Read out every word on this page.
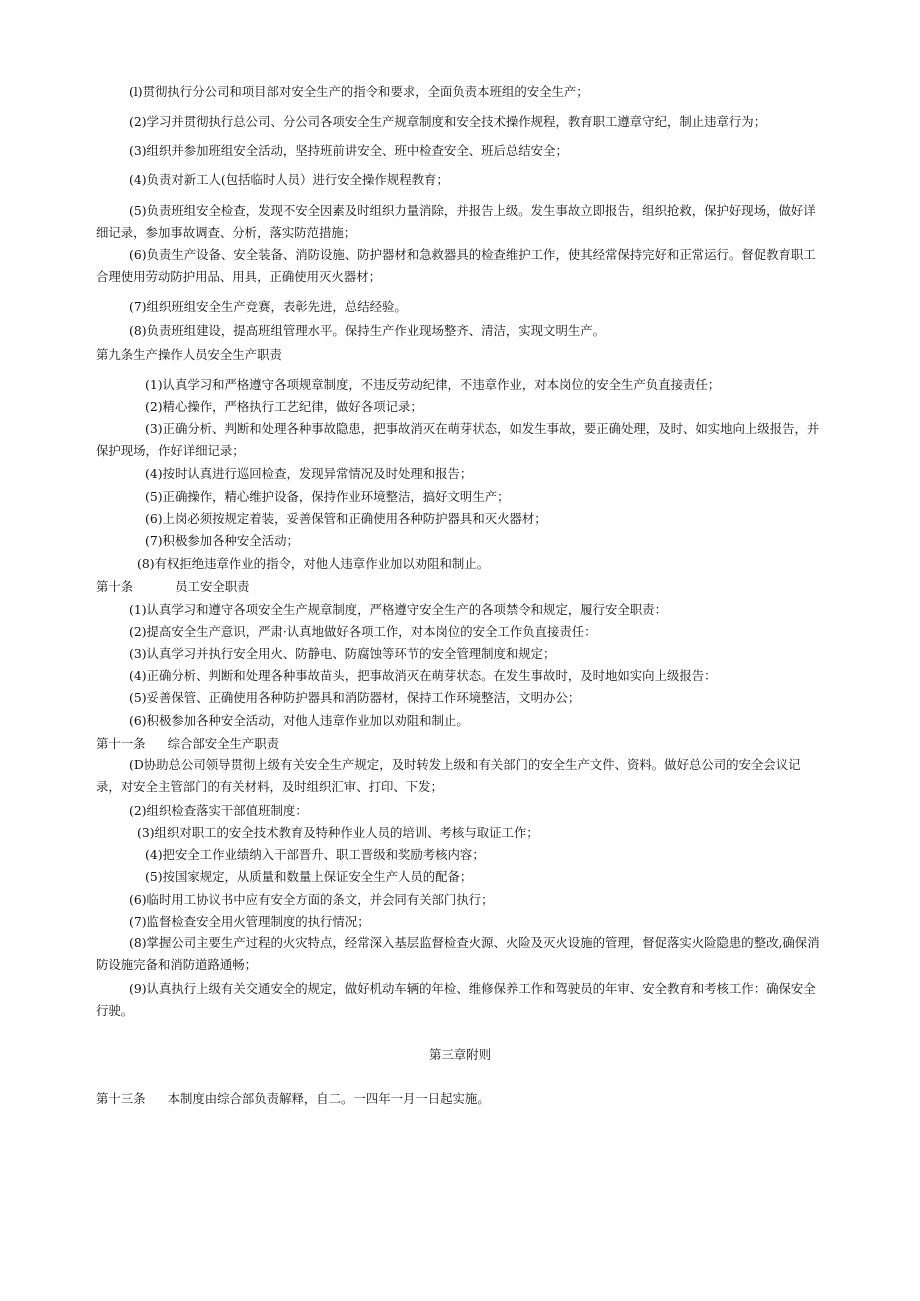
(l)贯彻执行分公司和项目部对安全生产的指令和要求，全面负责本班组的安全生产；
(2)学习并贯彻执行总公司、分公司各项安全生产规章制度和安全技术操作规程，教育职工遵章守纪，制止违章行为；
(3)组织并参加班组安全活动，坚持班前讲安全、班中检查安全、班后总结安全；
(4)负责对新工人(包括临时人员）进行安全操作规程教育；
(5)负责班组安全检查，发现不安全因素及时组织力量消除，并报告上级。发生事故立即报告，组织抢救，保护好现场，做好详细记录，参加事故调查、分析，落实防范措施；
(6)负责生产设备、安全装备、消防设施、防护器材和急救器具的检查维护工作，使其经常保持完好和正常运行。督促教育职工合理使用劳动防护用品、用具，正确使用灭火器材；
(7)组织班组安全生产竞赛，表彰先进，总结经验。
(8)负责班组建设，提高班组管理水平。保持生产作业现场整齐、清洁，实现文明生产。
第九条生产操作人员安全生产职责
(1)认真学习和严格遵守各项规章制度，不违反劳动纪律，不违章作业，对本岗位的安全生产负直接责任；
(2)精心操作，严格执行工艺纪律，做好各项记录；
(3)正确分析、判断和处理各种事故隐患，把事故消灭在萌芽状态，如发生事故，要正确处理，及时、如实地向上级报告，并保护现场，作好详细记录；
(4)按时认真进行巡回检查，发现异常情况及时处理和报告；
(5)正确操作，精心维护设备，保持作业环境整洁，搞好文明生产；
(6)上岗必须按规定着装，妥善保管和正确使用各种防护器具和灭火器材；
(7)积极参加各种安全活动；
(8)有权拒绝违章作业的指令，对他人违章作业加以劝阻和制止。
第十条	员工安全职责
(1)认真学习和遵守各项安全生产规章制度，严格遵守安全生产的各项禁令和规定，履行安全职责：
(2)提高安全生产意识，严肃·认真地做好各项工作，对本岗位的安全工作负直接责任：
(3)认真学习并执行安全用火、防静电、防腐蚀等环节的安全管理制度和规定；
(4)正确分析、判断和处理各种事故苗头，把事故消灭在萌芽状态。在发生事故时，及时地如实向上级报告：
(5)妥善保管、正确使用各种防护器具和消防器材，保持工作环境整洁，文明办公；
(6)积极参加各种安全活动，对他人违章作业加以劝阻和制止。
第十一条 综合部安全生产职责
(D协助总公司领导贯彻上级有关安全生产规定，及时转发上级和有关部门的安全生产文件、资料。做好总公司的安全会议记录，对安全主管部门的有关材料，及时组织汇审、打印、下发；
(2)组织检查落实干部值班制度：
(3)组织对职工的安全技术教育及特种作业人员的培训、考核与取证工作；
(4)把安全工作业绩纳入干部晋升、职工晋级和奖励考核内容；
(5)按国家规定，从质量和数量上保证安全生产人员的配备；
(6)临时用工协议书中应有安全方面的条文，并会同有关部门执行；
(7)监督检查安全用火管理制度的执行情况；
(8)掌握公司主要生产过程的火灾特点，经常深入基层监督检查火源、火险及灭火设施的管理，督促落实火险隐患的整改,确保消防设施完备和消防道路通畅；
(9)认真执行上级有关交通安全的规定，做好机动车辆的年检、维修保养工作和驾驶员的年审、安全教育和考核工作：确保安全行驶。
第三章附则
第十三条 本制度由综合部负责解释，自二。一四年一月一日起实施。
